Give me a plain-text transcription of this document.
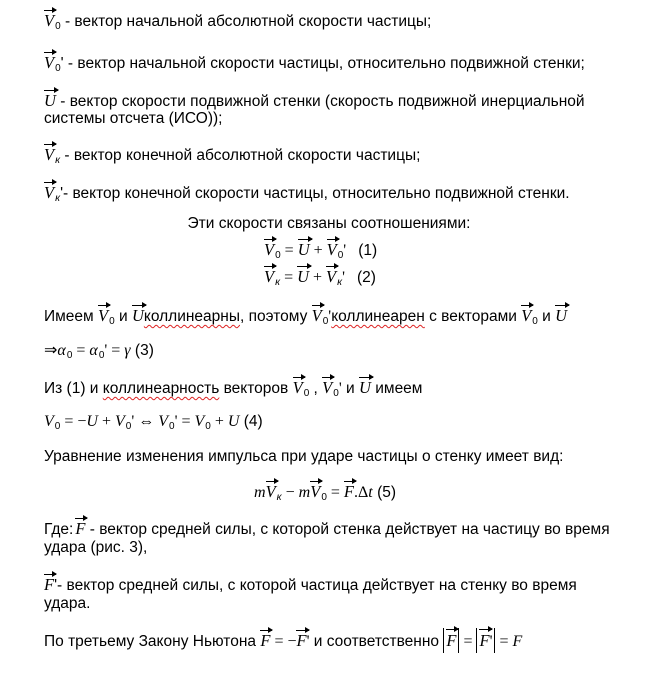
$V_0$ - вектор начальной абсолютной скорости частицы;
$V_0'$ - вектор начальной скорости частицы, относительно подвижной стенки;
U - вектор скорости подвижной стенки (скорость подвижной инерциальной
системы отсчета (ИСО));
Vк - вектор конечной абсолютной скорости частицы;
Vк'- вектор конечной скорости частицы, относительно подвижной стенки.
Эти скорости связаны соотношениями:
$V_0 = U + V_0'$   (1)
Vк = U + Vк'   (2)
Имеем $V_0$ и Uколлинеарны, поэтому $V_0'коллинеарен$ с векторами $V_0$ и U
$\Rightarrow\alpha_0 = \alpha_0' = \gamma$ (3)
Из (1) и коллинеарность векторов $V_0$ , $V_0'$ и U имеем
$V_0 = -U + V_0'$ ⇔ $V_0' = V_0 + U$ (4)
Уравнение изменения импульса при ударе частицы о стенку имеет вид:
mVк − $mV_0 = F.\Delta t$ (5)
Где: F - вектор средней силы, с которой стенка действует на частицу во время
удара (рис. 3),
F'- вектор средней силы, с которой частица действует на стенку во время
удара.
По третьему Закону Ньютона F = −F' и соответственно F = F' = F
